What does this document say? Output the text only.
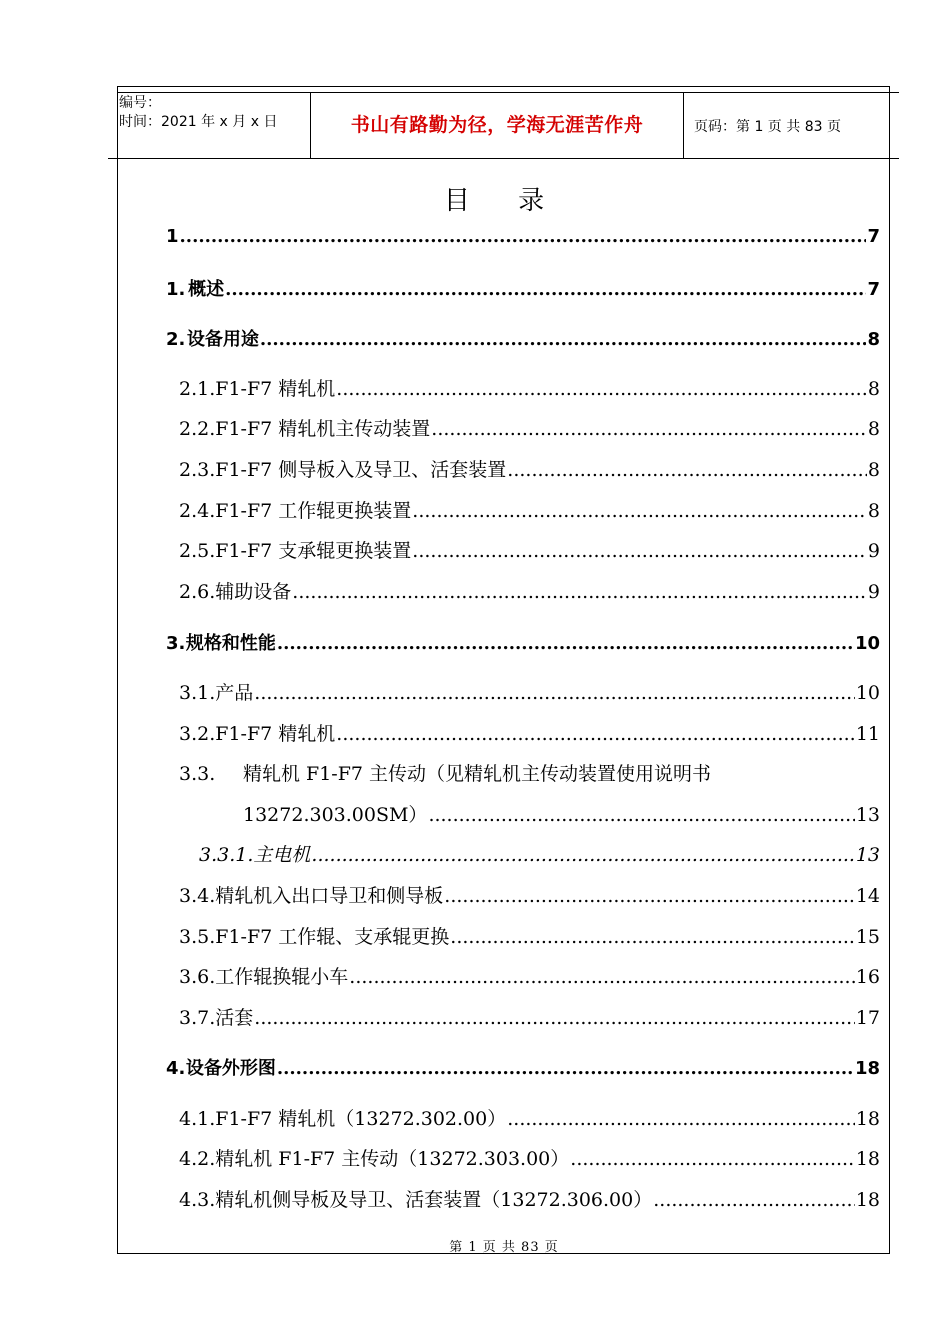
编号：
时间：2021 年 x 月 x 日	书山有路勤为径，学海无涯苦作舟	页码：第 1 页 共 83 页
目 录
1 .....	7
1. 概述 .....	7
2. 设备用途 .....	8
2.1. F1-F7 精轧机 .....	8
2.2. F1-F7 精轧机主传动装置 .....	8
2.3. F1-F7 侧导板入及导卫、活套装置 .....	8
2.4. F1-F7 工作辊更换装置 .....	8
2.5. F1-F7 支承辊更换装置 .....	9
2.6. 辅助设备 .....	9
3. 规格和性能 .....	10
3.1. 产品 .....	10
3.2. F1-F7 精轧机 .....	11
3.3. 精轧机 F1-F7 主传动（见精轧机主传动装置使用说明书
13272.303.00SM） .....	13
3.3.1. 主电机 .....	13
3.4. 精轧机入出口导卫和侧导板 .....	14
3.5. F1-F7 工作辊、支承辊更换 .....	15
3.6. 工作辊换辊小车 .....	16
3.7. 活套 .....	17
4. 设备外形图 .....	18
4.1. F1-F7 精轧机（13272.302.00） .....	18
4.2. 精轧机 F1-F7 主传动（13272.303.00） .....	18
4.3. 精轧机侧导板及导卫、活套装置（13272.306.00） .....	18
第 1 页 共 83 页
